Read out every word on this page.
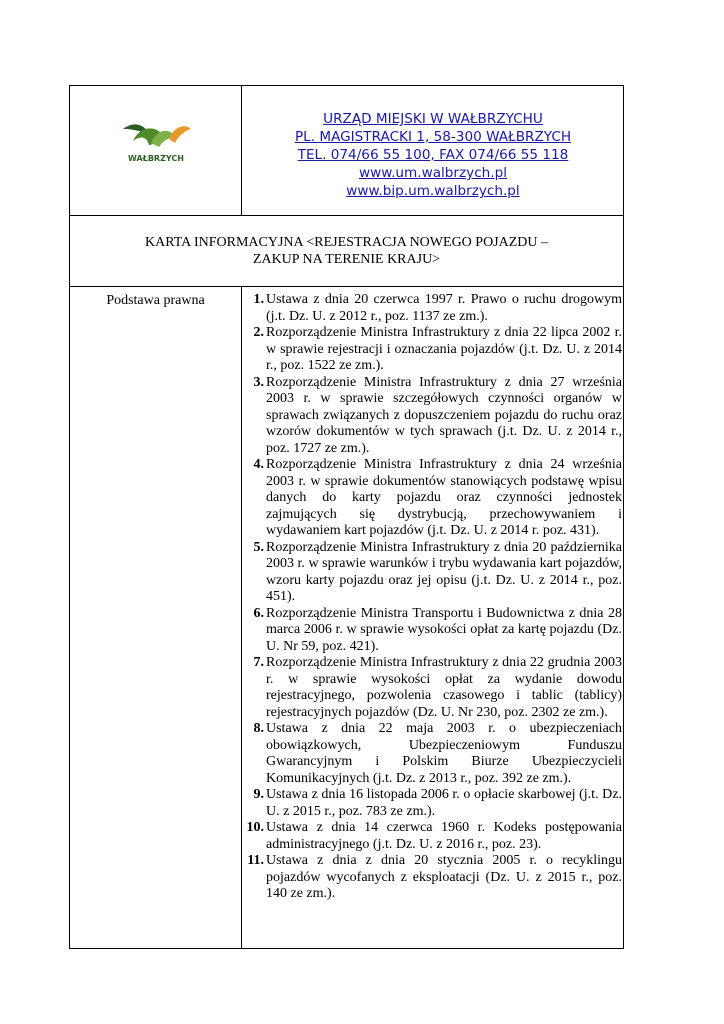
WAŁBRZYCH
URZĄD MIEJSKI W WAŁBRZYCHU
PL. MAGISTRACKI 1, 58-300 WAŁBRZYCH
TEL. 074/66 55 100, FAX 074/66 55 118
www.um.walbrzych.pl
www.bip.um.walbrzych.pl
KARTA INFORMACYJNA <REJESTRACJA NOWEGO POJAZDU –
ZAKUP NA TERENIE KRAJU>
Podstawa prawna	1. Ustawa z dnia 20 czerwca 1997 r. Prawo o ruchu drogowym (j.t. Dz. U. z 2012 r., poz. 1137 ze zm.).
2. Rozporządzenie Ministra Infrastruktury z dnia 22 lipca 2002 r. w sprawie rejestracji i oznaczania pojazdów (j.t. Dz. U. z 2014 r., poz. 1522 ze zm.).
3. Rozporządzenie Ministra Infrastruktury z dnia 27 września 2003 r. w sprawie szczegółowych czynności organów w sprawach związanych z dopuszczeniem pojazdu do ruchu oraz wzorów dokumentów w tych sprawach (j.t. Dz. U. z 2014 r., poz. 1727 ze zm.).
4. Rozporządzenie Ministra Infrastruktury z dnia 24 września 2003 r. w sprawie dokumentów stanowiących podstawę wpisu danych do karty pojazdu oraz czynności jednostek zajmujących się dystrybucją, przechowywaniem i wydawaniem kart pojazdów (j.t. Dz. U. z 2014 r. poz. 431).
5. Rozporządzenie Ministra Infrastruktury z dnia 20 października 2003 r. w sprawie warunków i trybu wydawania kart pojazdów, wzoru karty pojazdu oraz jej opisu (j.t. Dz. U. z 2014 r., poz. 451).
6. Rozporządzenie Ministra Transportu i Budownictwa z dnia 28 marca 2006 r. w sprawie wysokości opłat za kartę pojazdu (Dz. U. Nr 59, poz. 421).
7. Rozporządzenie Ministra Infrastruktury z dnia 22 grudnia 2003 r. w sprawie wysokości opłat za wydanie dowodu rejestracyjnego, pozwolenia czasowego i tablic (tablicy) rejestracyjnych pojazdów (Dz. U. Nr 230, poz. 2302 ze zm.).
8. Ustawa z dnia 22 maja 2003 r. o ubezpieczeniach obowiązkowych, Ubezpieczeniowym Funduszu Gwarancyjnym i Polskim Biurze Ubezpieczycieli Komunikacyjnych (j.t. Dz. z 2013 r., poz. 392 ze zm.).
9. Ustawa z dnia 16 listopada 2006 r. o opłacie skarbowej (j.t. Dz. U. z 2015 r., poz. 783 ze zm.).
10. Ustawa z dnia 14 czerwca 1960 r. Kodeks postępowania administracyjnego (j.t. Dz. U. z 2016 r., poz. 23).
11. Ustawa z dnia z dnia 20 stycznia 2005 r. o recyklingu pojazdów wycofanych z eksploatacji (Dz. U. z 2015 r., poz. 140 ze zm.).
